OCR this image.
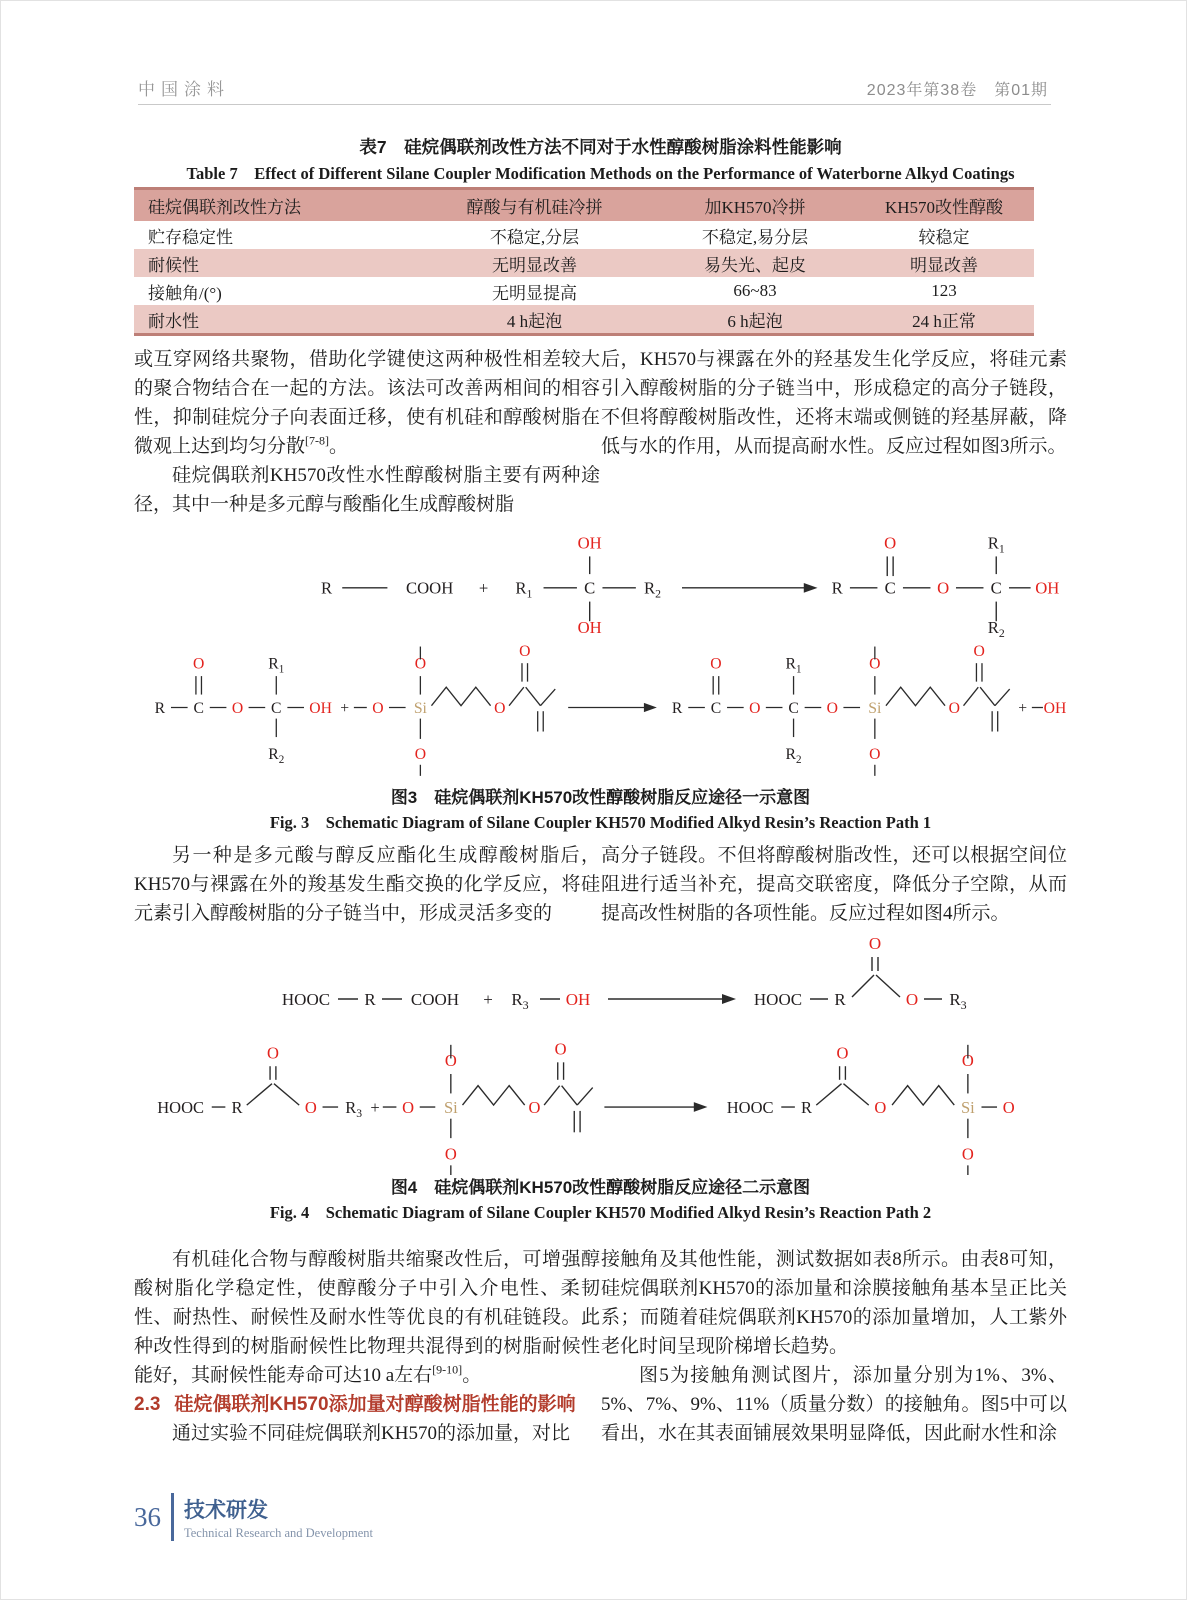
中国涂料	2023年第38卷　第01期
表7　硅烷偶联剂改性方法不同对于水性醇酸树脂涂料性能影响
Table 7　Effect of Different Silane Coupler Modification Methods on the Performance of Waterborne Alkyd Coatings
硅烷偶联剂改性方法	醇酸与有机硅冷拼	加KH570冷拼	KH570改性醇酸
贮存稳定性	不稳定,分层	不稳定,易分层	较稳定
耐候性	无明显改善	易失光、起皮	明显改善
接触角/(°)	无明显提高	66~83	123
耐水性	4 h起泡	6 h起泡	24 h正常

或互穿网络共聚物，借助化学键使这两种极性相差较大的聚合物结合在一起的方法。该法可改善两相间的相容性，抑制硅烷分子向表面迁移，使有机硅和醇酸树脂在微观上达到均匀分散[7-8]。

硅烷偶联剂KH570改性水性醇酸树脂主要有两种途径，其中一种是多元醇与酸酯化生成醇酸树脂

后，KH570与裸露在外的羟基发生化学反应，将硅元素引入醇酸树脂的分子链当中，形成稳定的高分子链段，不但将醇酸树脂改性，还将末端或侧链的羟基屏蔽，降低与水的作用，从而提高耐水性。反应过程如图3所示。

R	COOH + $R_1$	C	$R_2$
OH
OH
R C
O
O C
$R_1$
$R_2$
OH
R C
O
O C
$R_1$
$R_2$
OH + O Si
O
O
O
O
R C
O
O C
$R_1$
$R_2$
O Si
O
O
O
O
+ OH
图3　硅烷偶联剂KH570改性醇酸树脂反应途径一示意图
Fig. 3　Schematic Diagram of Silane Coupler KH570 Modified Alkyd Resin’s Reaction Path 1

另一种是多元酸与醇反应酯化生成醇酸树脂后，KH570与裸露在外的羧基发生酯交换的化学反应，将硅元素引入醇酸树脂的分子链当中，形成灵活多变的

高分子链段。不但将醇酸树脂改性，还可以根据空间位阻进行适当补充，提高交联密度，降低分子空隙，从而提高改性树脂的各项性能。反应过程如图4所示。

HOOC R COOH + $R_3$ OH	HOOC R
O
O $R_3$
HOOC R
O
O $R_3 + O$ Si
O
O
O
O
HOOC R
O
O	Si
O
O
O
图4　硅烷偶联剂KH570改性醇酸树脂反应途径二示意图
Fig. 4　Schematic Diagram of Silane Coupler KH570 Modified Alkyd Resin’s Reaction Path 2

有机硅化合物与醇酸树脂共缩聚改性后，可增强醇酸树脂化学稳定性，使醇酸分子中引入介电性、柔韧性、耐热性、耐候性及耐水性等优良的有机硅链段。此种改性得到的树脂耐候性比物理共混得到的树脂耐候性能好，其耐候性能寿命可达10 a左右[9-10]。

2.3 硅烷偶联剂KH570添加量对醇酸树脂性能的影响

通过实验不同硅烷偶联剂KH570的添加量，对比

接触角及其他性能，测试数据如表8所示。由表8可知，硅烷偶联剂KH570的添加量和涂膜接触角基本呈正比关系；而随着硅烷偶联剂KH570的添加量增加，人工紫外老化时间呈现阶梯增长趋势。

图5为接触角测试图片，添加量分别为1%、3%、5%、7%、9%、11%（质量分数）的接触角。图5中可以看出，水在其表面铺展效果明显降低，因此耐水性和涂

36 技术研发
Technical Research and Development
